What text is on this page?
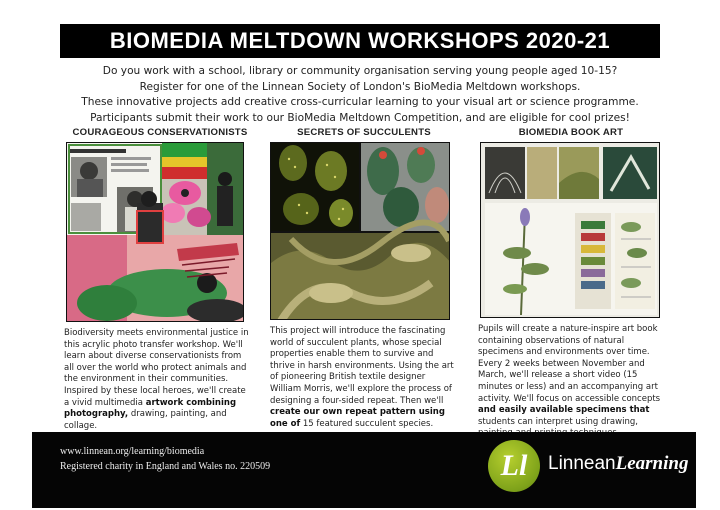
BIOMEDIA MELTDOWN WORKSHOPS 2020-21
Do you work with a school, library or community organisation serving young people aged 10-15?
Register for one of the Linnean Society of London's BioMedia Meltdown workshops.
These innovative projects add creative cross-curricular learning to your visual art or science programme.
Participants submit their work to our BioMedia Meltdown Competition, and are eligible for cool prizes!
COURAGEOUS CONSERVATIONISTS
Biodiversity meets environmental justice in this acrylic photo transfer workshop. We'll learn about diverse conservationists from all over the world who protect animals and the environment in their communities. Inspired by these local heroes, we'll create a vivid multimedia artwork combining photography, drawing, painting, and collage.
SECRETS OF SUCCULENTS
This project will introduce the fascinating world of succulent plants, whose special properties enable them to survive and thrive in harsh environments. Using the art of pioneering British textile designer William Morris, we'll explore the process of designing a four-sided repeat. Then we'll create our own repeat pattern using one of 15 featured succulent species.
BIOMEDIA BOOK ART
Pupils will create a nature-inspire art book containing observations of natural specimens and environments over time. Every 2 weeks between November and March, we'll release a short video (15 minutes or less) and an accompanying art activity. We'll focus on accessible concepts and easily available specimens that students can interpret using drawing,
www.linnean.org/learning/biomedia
Registered charity in England and Wales no. 220509	Ll	LinneanLearning
